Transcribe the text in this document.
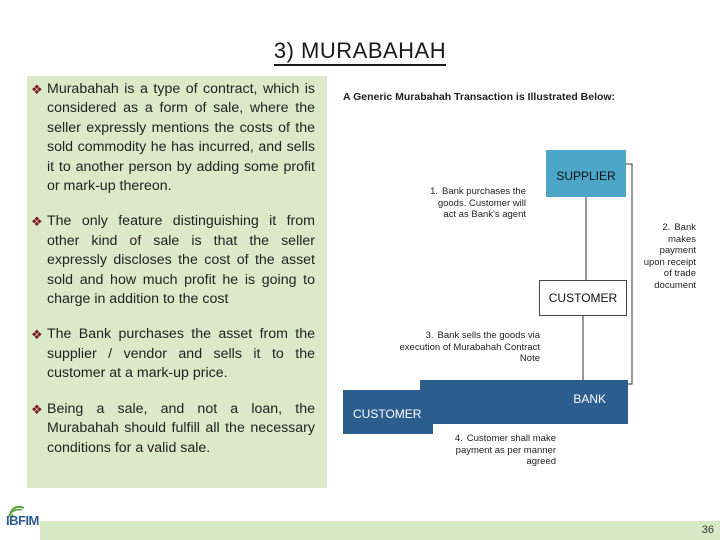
3) MURABAHAH
❖ Murabahah is a type of contract, which is considered as a form of sale, where the seller expressly mentions the costs of the sold commodity he has incurred, and sells it to another person by adding some profit or mark-up thereon.
❖ The only feature distinguishing it from other kind of sale is that the seller expressly discloses the cost of the asset sold and how much profit he is going to charge in addition to the cost
❖ The Bank purchases the asset from the supplier / vendor and sells it to the customer at a mark-up price.
❖ Being a sale, and not a loan, the Murabahah should fulfill all the necessary conditions for a valid sale.
A Generic Murabahah Transaction is Illustrated Below:
SUPPLIER
CUSTOMER
BANK
CUSTOMER
1. Bank purchases the goods. Customer will act as Bank's agent
2. Bank makes payment upon receipt of trade document
3. Bank sells the goods via execution of Murabahah Contract Note
4. Customer shall make payment as per manner agreed
36
IBFIM
